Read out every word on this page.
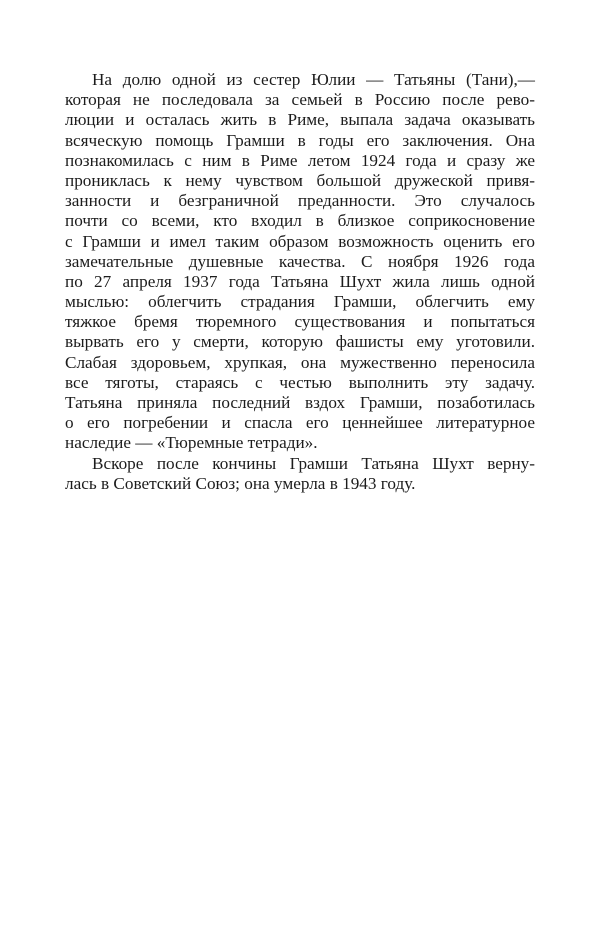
На долю одной из сестер Юлии — Татьяны (Тани),—
которая не последовала за семьей в Россию после рево-
люции и осталась жить в Риме, выпала задача оказывать
всяческую помощь Грамши в годы его заключения. Она
познакомилась с ним в Риме летом 1924 года и сразу же
прониклась к нему чувством большой дружеской привя-
занности и безграничной преданности. Это случалось
почти со всеми, кто входил в близкое соприкосновение
с Грамши и имел таким образом возможность оценить его
замечательные душевные качества. С ноября 1926 года
по 27 апреля 1937 года Татьяна Шухт жила лишь одной
мыслью: облегчить страдания Грамши, облегчить ему
тяжкое бремя тюремного существования и попытаться
вырвать его у смерти, которую фашисты ему уготовили.
Слабая здоровьем, хрупкая, она мужественно переносила
все тяготы, стараясь с честью выполнить эту задачу.
Татьяна приняла последний вздох Грамши, позаботилась
о его погребении и спасла его ценнейшее литературное
наследие — «Тюремные тетради».
Вскоре после кончины Грамши Татьяна Шухт верну-
лась в Советский Союз; она умерла в 1943 году.
